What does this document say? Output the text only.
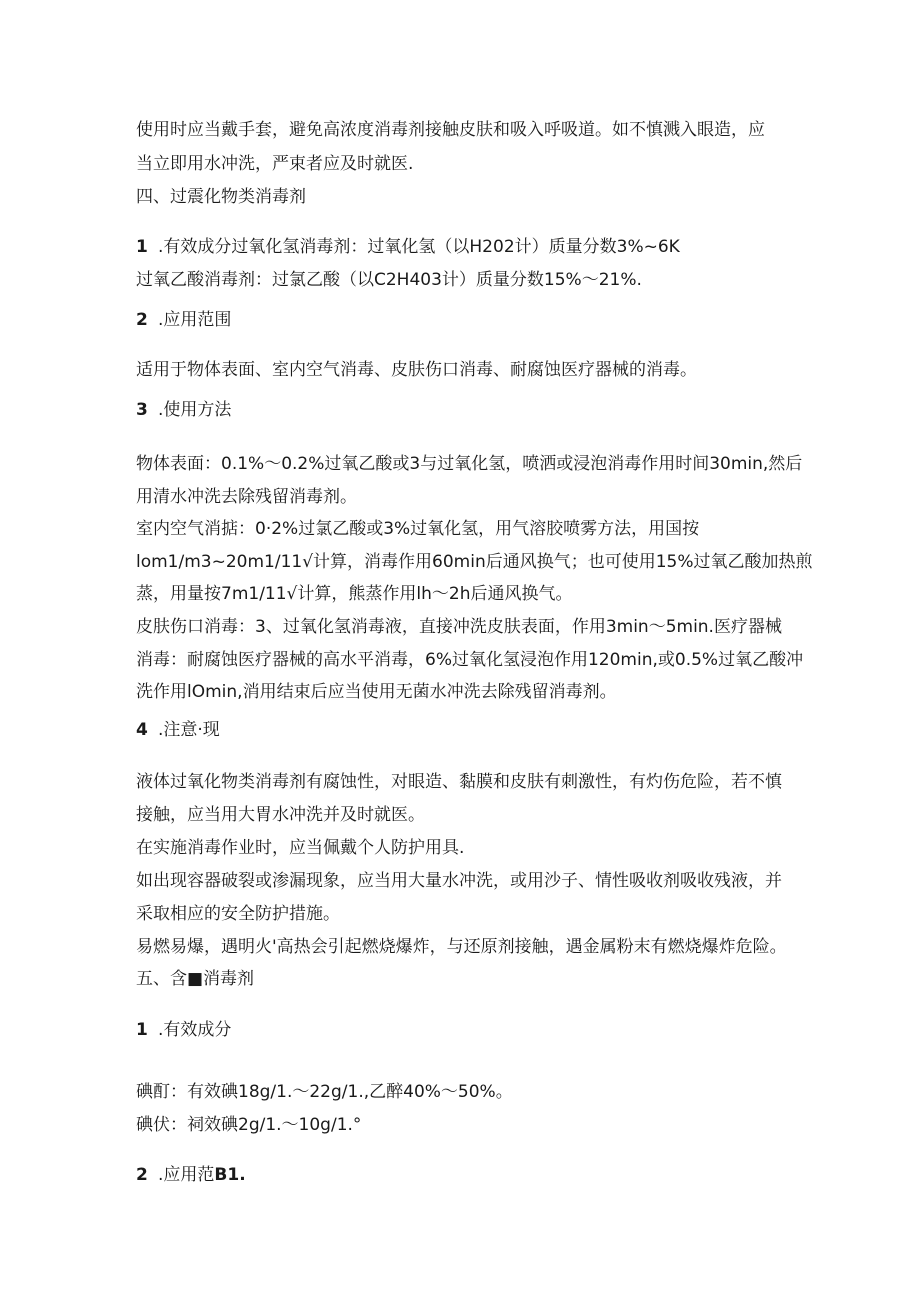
使用时应当戴手套，避免高浓度消毒剂接触皮肤和吸入呼吸道。如不慎溅入眼造，应
当立即用水冲洗，严束者应及时就医.
四、过震化物类消毒剂
1 .有效成分过氧化氢消毒剂：过氧化氢（以H202计）质量分数3%~6K
过氧乙酸消毒剂：过氯乙酸（以C2H403计）质量分数15%〜21%.
2 .应用范围
适用于物体表面、室内空气消毒、皮肤伤口消毒、耐腐蚀医疗器械的消毒。
3 .使用方法
物体表面：0.1%〜0.2%过氧乙酸或3与过氧化氢，喷洒或浸泡消毒作用时间30min,然后
用清水冲洗去除残留消毒剂。
室内空气消掂：0·2%过氯乙酸或3%过氧化氢，用气溶胶喷雾方法，用国按
lom1∕m3~20m1∕11√计算，消毒作用60min后通风换气；也可使用15%过氧乙酸加热煎
蒸，用量按7m1∕11√计算，熊蒸作用lh〜2h后通风换气。
皮肤伤口消毒：3、过氧化氢消毒液，直接冲洗皮肤表面，作用3min〜5min.医疗器械
消毒：耐腐蚀医疗器械的高水平消毒，6%过氧化氢浸泡作用120min,或0.5%过氧乙酸冲
洗作用lOmin,消用结束后应当使用无菌水冲洗去除残留消毒剂。
4 .注意·现
液体过氧化物类消毒剂有腐蚀性，对眼造、黏膜和皮肤有刺激性，有灼伤危险，若不慎
接触，应当用大胃水冲洗并及时就医。
在实施消毒作业时，应当佩戴个人防护用具.
如出现容器破裂或渗漏现象，应当用大量水冲洗，或用沙子、情性吸收剂吸收残液，并
采取相应的安全防护措施。
易燃易爆，遇明火'高热会引起燃烧爆炸，与还原剂接触，遇金属粉末有燃烧爆炸危险。
五、含■消毒剂
1 .有效成分
碘酊：有效碘18g∕1.〜22g∕1.,乙醉40%〜50%。
碘伏：祠效碘2g∕1.〜10g∕1.°
2 .应用范B1.
